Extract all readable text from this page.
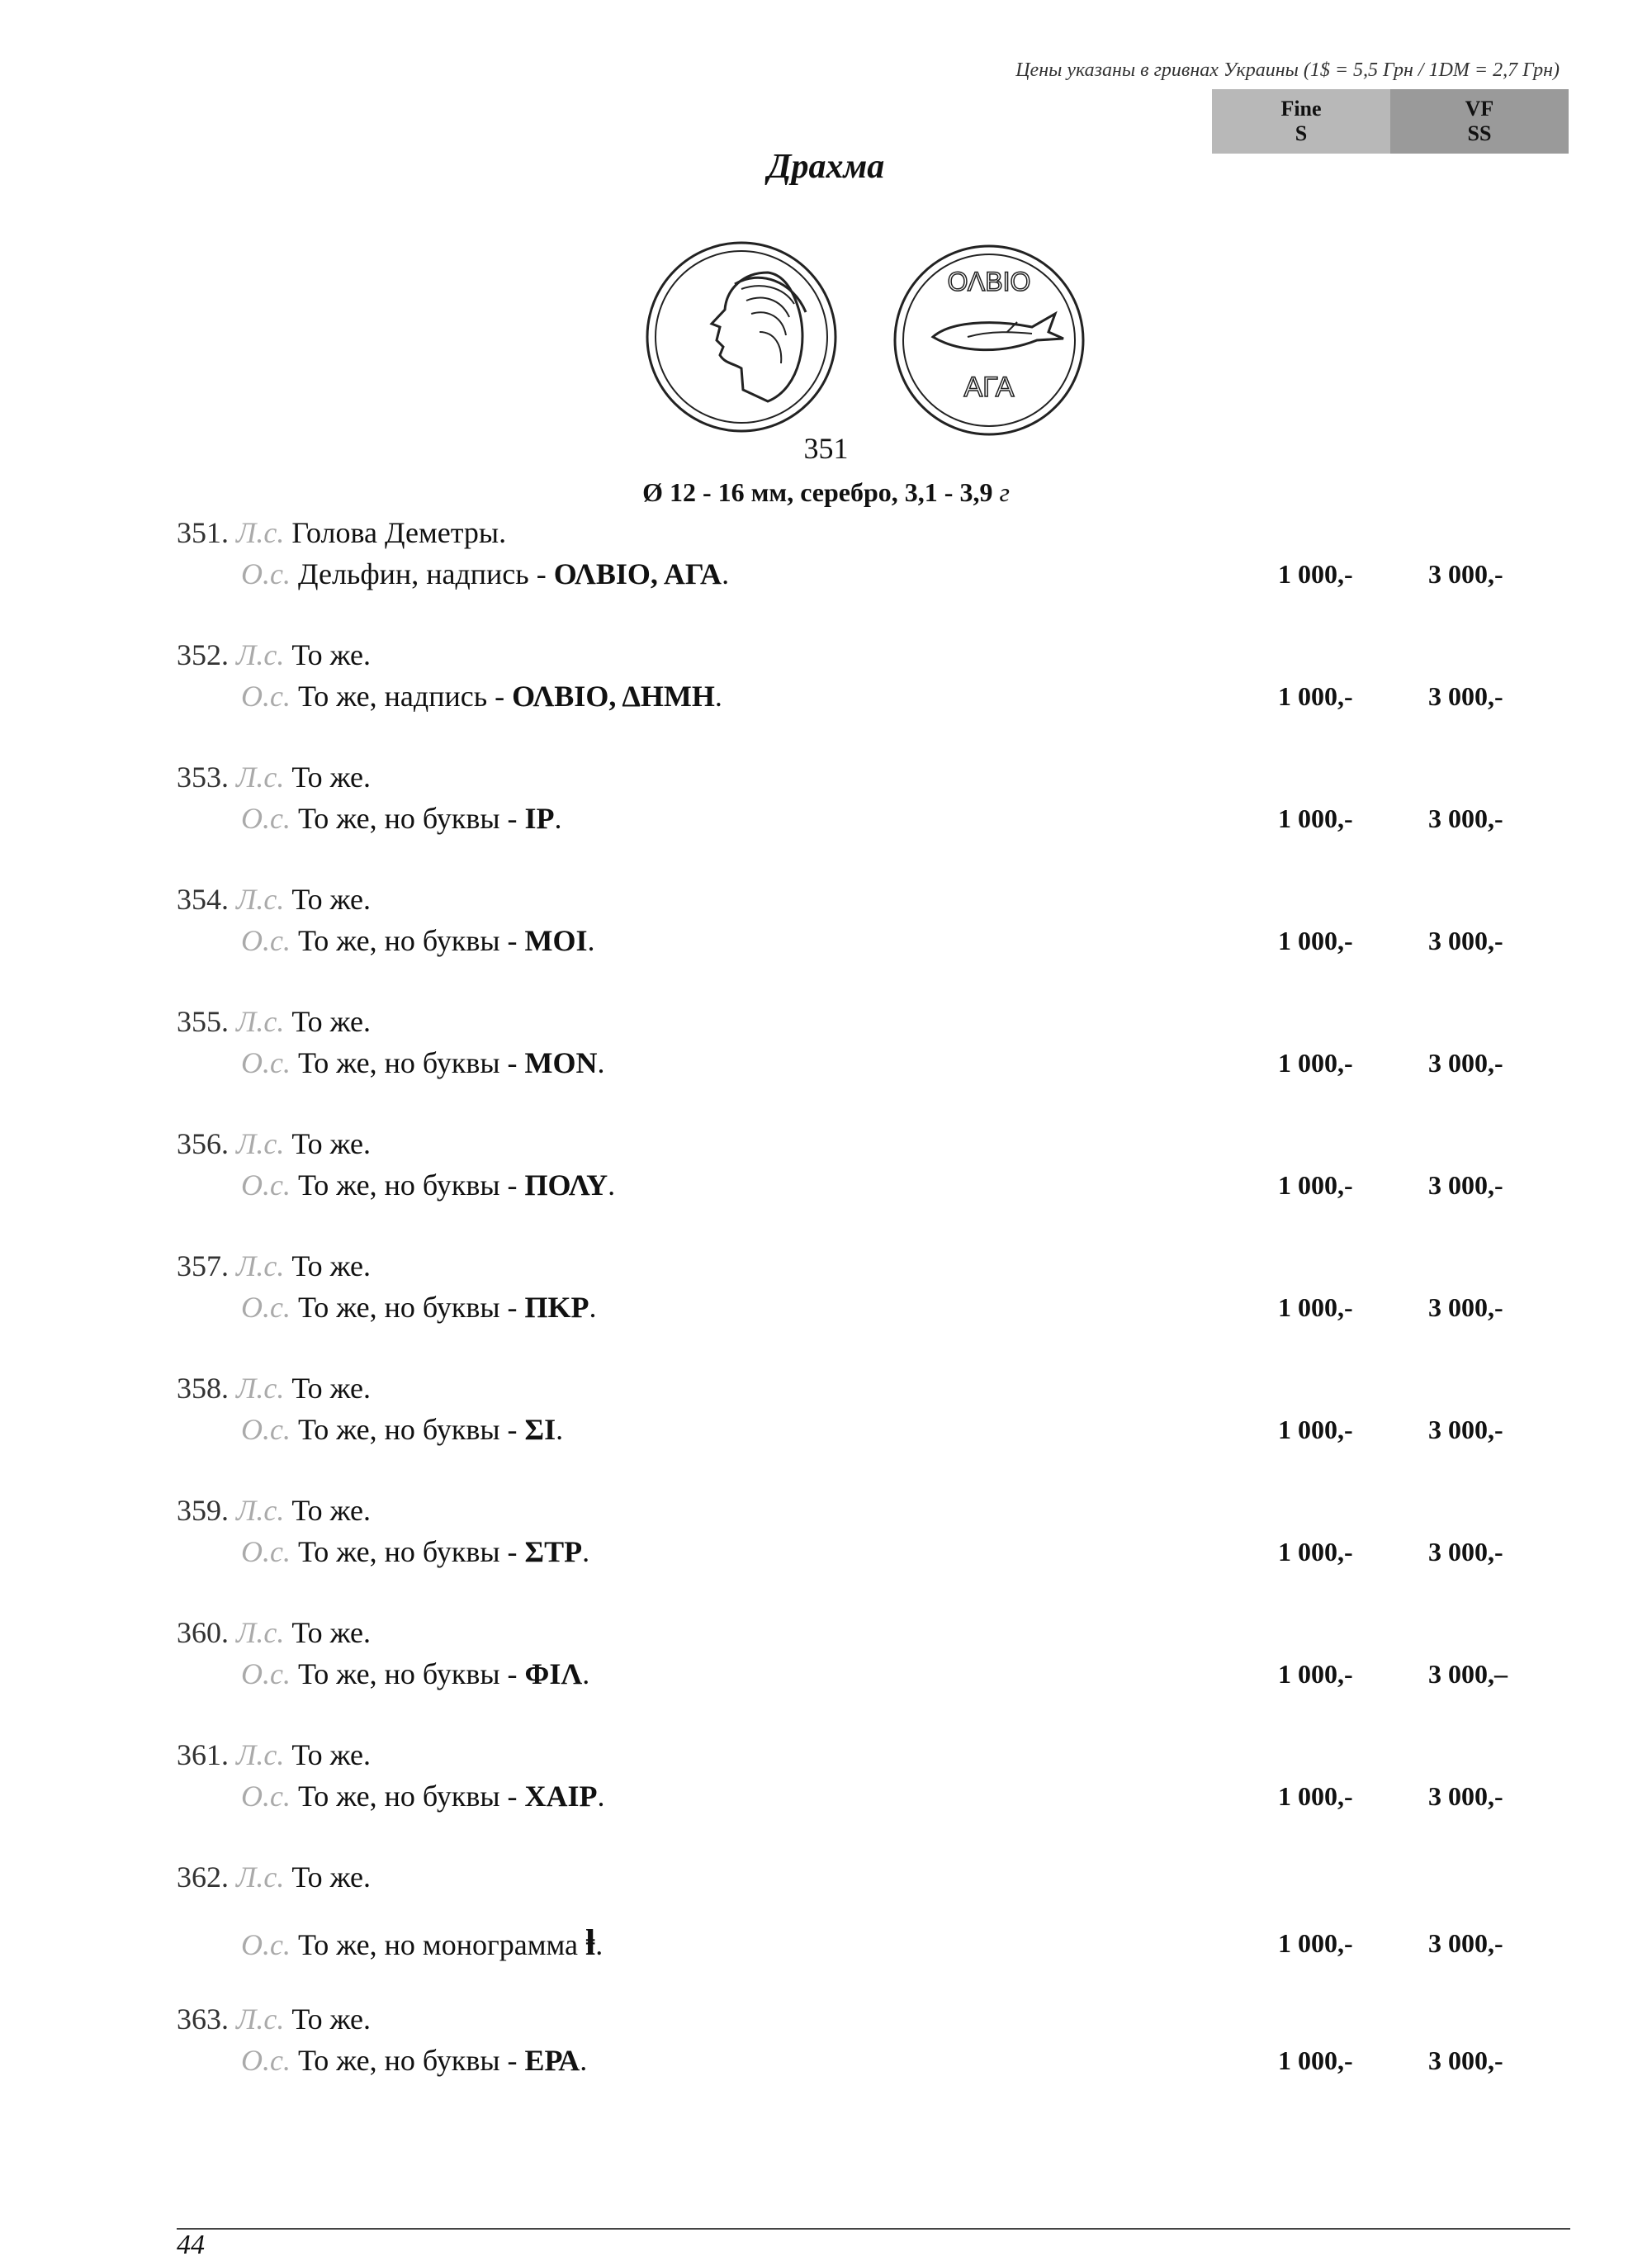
Цены указаны в гривнах Украины (1$ = 5,5 Грн / 1DM = 2,7 Грн)
Fine
S
VF
SS
Драхма
ΟΛΒΙΟ
ΑΓΑ
351
Ø 12 - 16 мм, серебро, 3,1 - 3,9 г
351. Л.с. Голова Деметры.
О.с. Дельфин, надпись - ΟΛΒΙΟ, ΑΓΑ.	1 000,-	3 000,-
352. Л.с. То же.
О.с. То же, надпись - ΟΛΒΙΟ, ΔΗΜΗ.	1 000,-	3 000,-
353. Л.с. То же.
О.с. То же, но буквы - ΙΡ.	1 000,-	3 000,-
354. Л.с. То же.
О.с. То же, но буквы - ΜΟΙ.	1 000,-	3 000,-
355. Л.с. То же.
О.с. То же, но буквы - ΜΟΝ.	1 000,-	3 000,-
356. Л.с. То же.
О.с. То же, но буквы - ΠΟΛΥ.	1 000,-	3 000,-
357. Л.с. То же.
О.с. То же, но буквы - ΠΚΡ.	1 000,-	3 000,-
358. Л.с. То же.
О.с. То же, но буквы - ΣΙ.	1 000,-	3 000,-
359. Л.с. То же.
О.с. То же, но буквы - ΣΤΡ.	1 000,-	3 000,-
360. Л.с. То же.
О.с. То же, но буквы - ΦΙΛ.	1 000,-	3 000,–
361. Л.с. То же.
О.с. То же, но буквы - ΧΑΙΡ.	1 000,-	3 000,-
362. Л.с. То же.
О.с. То же, но монограмма ⱡ.	1 000,-	3 000,-
363. Л.с. То же.
О.с. То же, но буквы - ΕΡΑ.	1 000,-	3 000,-
44
